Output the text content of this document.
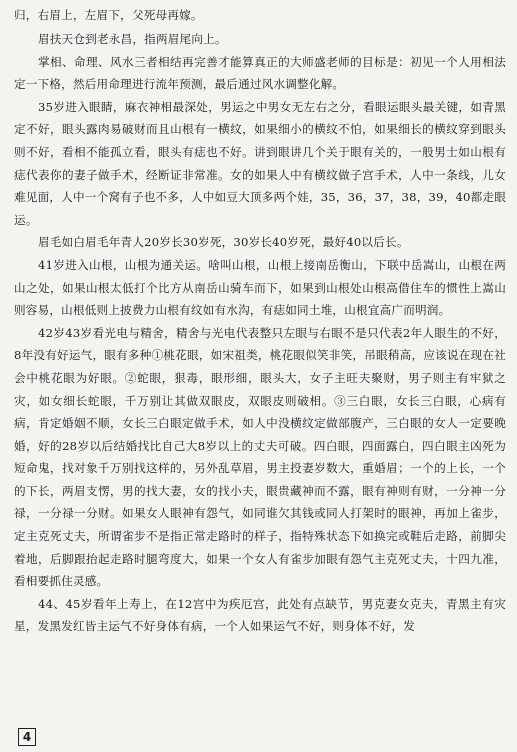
归，右眉上，左眉下，父死母再嫁。

眉扶天仓到老永昌，指两眉尾向上。

掌相、命理、风水三者相结再完善才能算真正的大师盛老师的目标是：初见一个人用相法定一下格，然后用命理进行流年预测，最后通过风水调整化解。

35岁进入眼睛，麻衣神相最深处，男运之中男女无左右之分，看眼运眼头最关键，如青黑定不好，眼头露肉易破财而且山根有一横纹，如果细小的横纹不怕，如果细长的横纹穿到眼头则不好，看相不能孤立看，眼头有痣也不好。讲到眼讲几个关于眼有关的，一般男士如山根有痣代表你的妻子做手术，经断证非常准。女的如果人中有横纹做子宫手术，人中一条线，儿女难见面，人中一个窝有子也不多，人中如豆大顶多两个娃，35，36，37，38，39，40都走眼运。

眉毛如白眉毛年青人20岁长30岁死，30岁长40岁死，最好40以后长。

41岁进入山根，山根为通关运。啥叫山根，山根上接南岳衡山，下联中岳嵩山，山根在两山之处，如果山根太低打个比方从南岳山骑车而下，如果到山根处山根高借住车的惯性上嵩山则容易，山根低则上披费力山根有纹如有水沟，有痣如同土堆，山根宜高广而明润。

42岁43岁看光电与精舍，精舍与光电代表整只左眼与右眼不是只代表2年人眼生的不好，8年没有好运气，眼有多种①桃花眼，如宋祖类，桃花眼似笑非笑，吊眼稍高，应该说在现在社会中桃花眼为好眼。②蛇眼，狠毒，眼形细，眼头大，女子主旺夫聚财，男子则主有牢狱之灾，如女细长蛇眼，千万别让其做双眼皮，双眼皮则破相。③三白眼，女长三白眼，心病有病，肯定婚姻不顺，女长三白眼定做手术，如人中没横纹定做部腹产，三白眼的女人一定要晚婚，好的28岁以后结婚找比自己大8岁以上的丈夫可破。四白眼，四面露白，四白眼主凶死为短命鬼，找对象千万别找这样的，另外乱草眉，男主投妻岁数大，重婚眉；一个的上长，一个的下长，两眉支愣，男的找大妻，女的找小夫，眼贵藏神而不露，眼有神则有财，一分神一分禄，一分禄一分财。如果女人眼神有怨气，如同谁欠其钱或同人打架时的眼神，再加上雀步，定主克死丈夫，所谓雀步不是指正常走路时的样子，指特殊状态下如换完或鞋后走路，前脚尖着地，后脚跟抬起走路时腿弯度大，如果一个女人有雀步加眼有怨气主克死丈夫，十四九准，看相要抓住灵感。

44、45岁看年上寿上，在12宫中为疾厄宫，此处有点缺节，男克妻女克夫，青黑主有灾星，发黑发红皆主运气不好身体有病，一个人如果运气不好，则身体不好，发

4
